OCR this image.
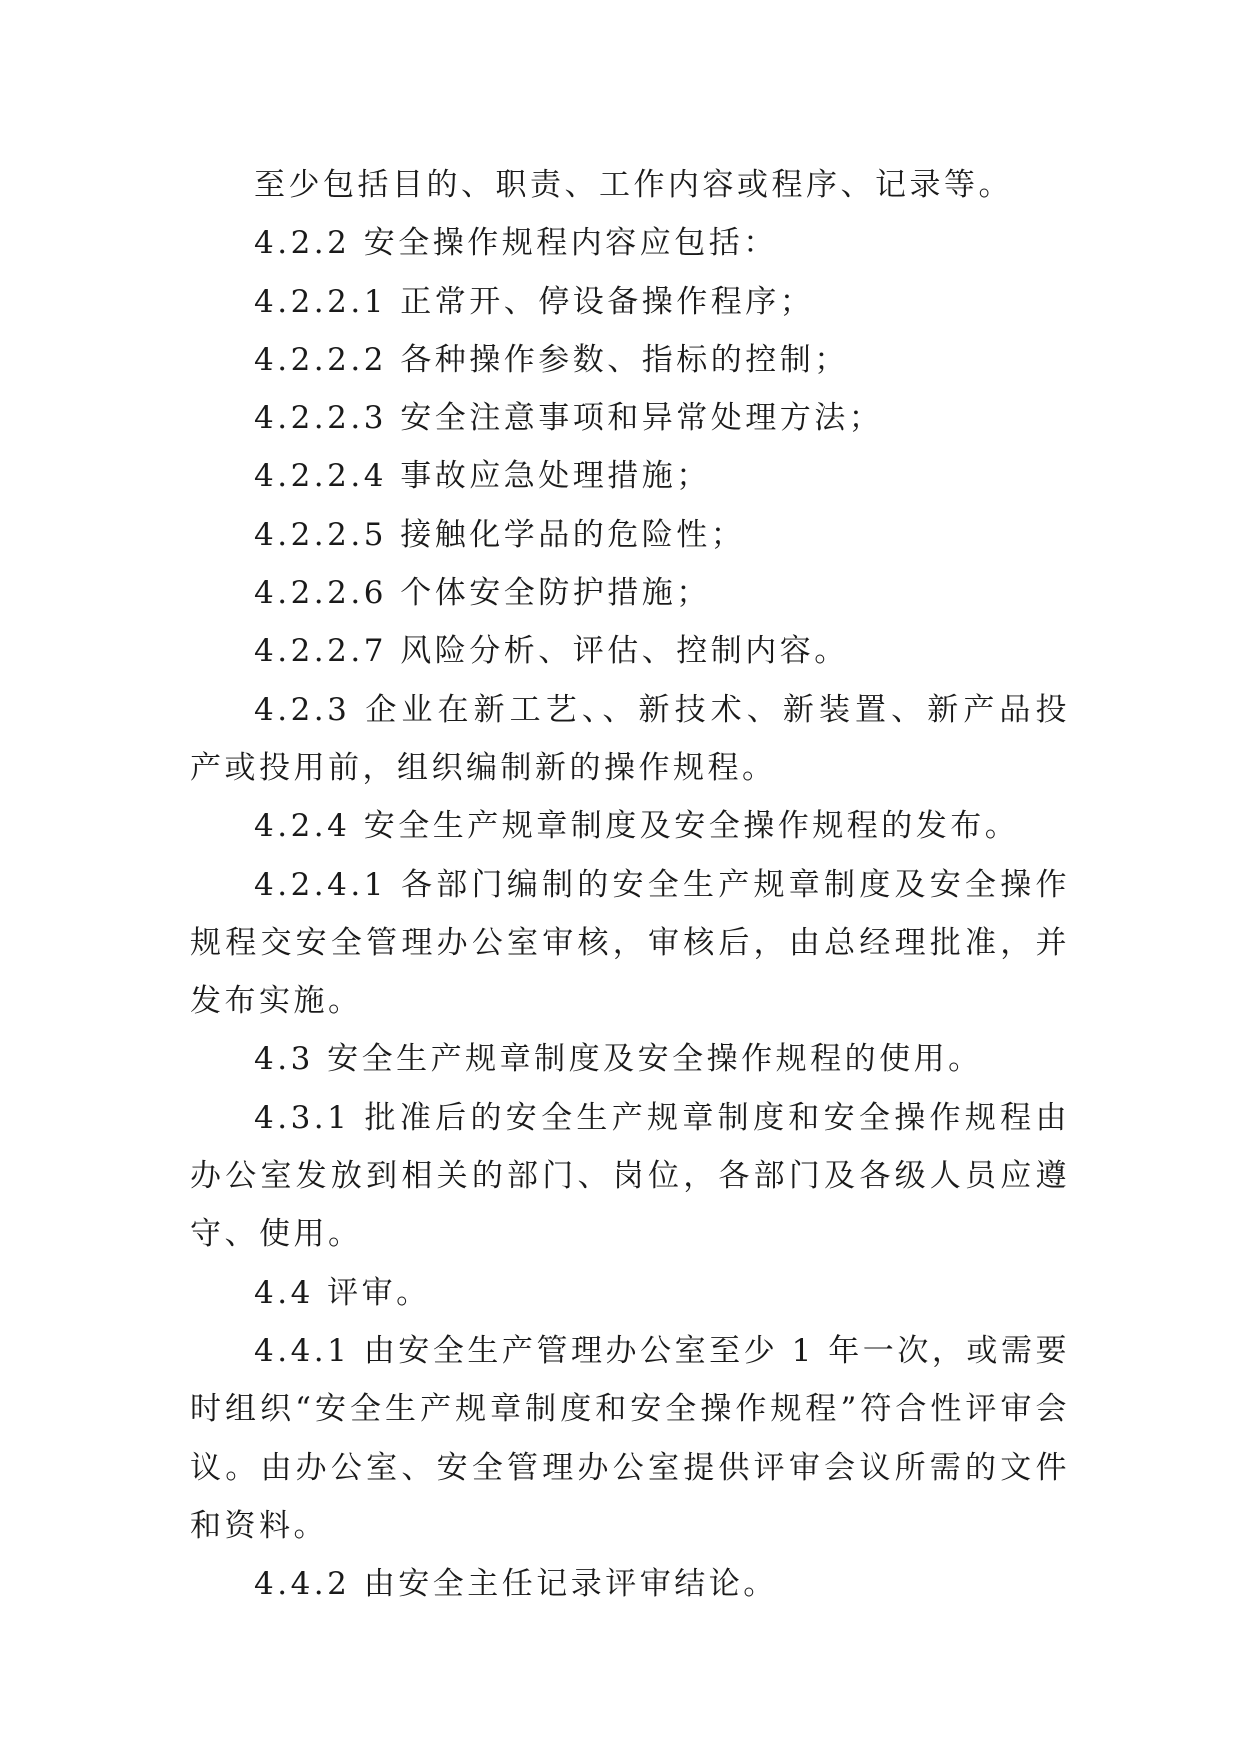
至少包括目的、职责、工作内容或程序、记录等。

4.2.2 安全操作规程内容应包括：

4.2.2.1 正常开、停设备操作程序；

4.2.2.2 各种操作参数、指标的控制；

4.2.2.3 安全注意事项和异常处理方法；

4.2.2.4 事故应急处理措施；

4.2.2.5 接触化学品的危险性；

4.2.2.6 个体安全防护措施；

4.2.2.7 风险分析、评估、控制内容。

4.2.3 企业在新工艺、、新技术、新装置、新产品投产或投用前，组织编制新的操作规程。

4.2.4 安全生产规章制度及安全操作规程的发布。

4.2.4.1 各部门编制的安全生产规章制度及安全操作规程交安全管理办公室审核，审核后，由总经理批准，并发布实施。

4.3 安全生产规章制度及安全操作规程的使用。

4.3.1 批准后的安全生产规章制度和安全操作规程由办公室发放到相关的部门、岗位，各部门及各级人员应遵守、使用。

4.4 评审。

4.4.1 由安全生产管理办公室至少 1 年一次，或需要时组织“安全生产规章制度和安全操作规程”符合性评审会议。由办公室、安全管理办公室提供评审会议所需的文件和资料。

4.4.2 由安全主任记录评审结论。
